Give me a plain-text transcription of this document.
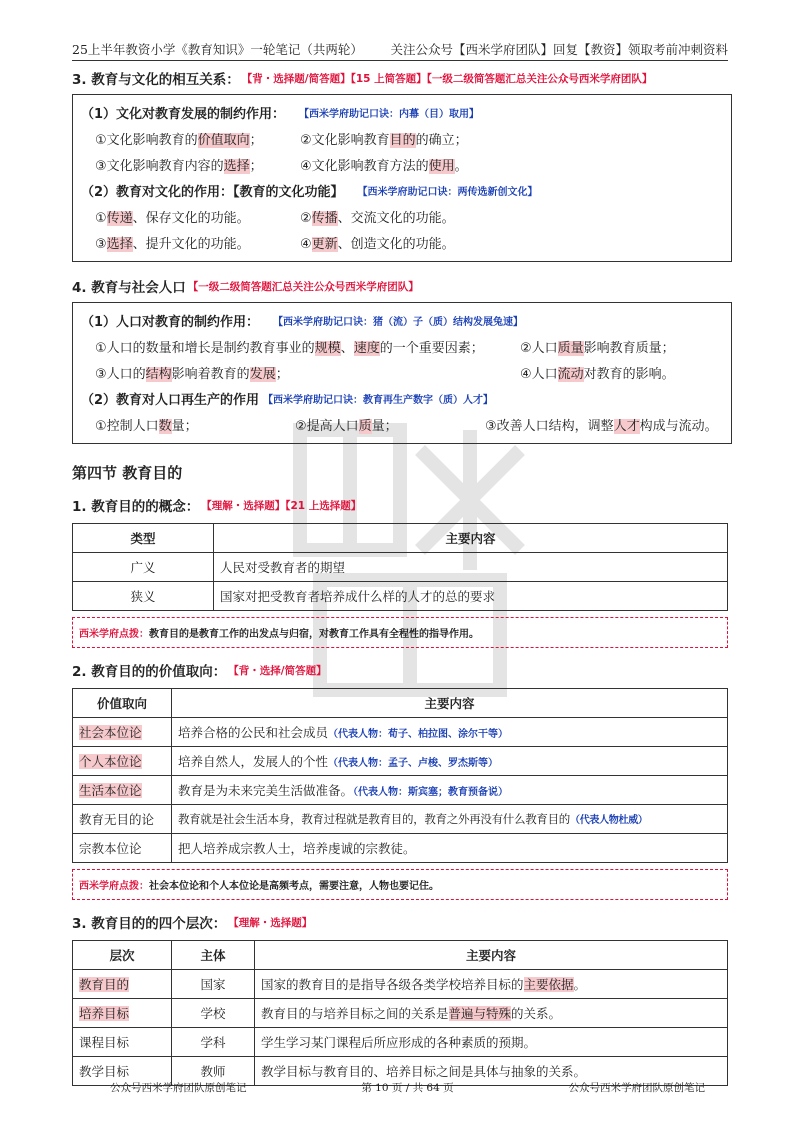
25上半年教资小学《教育知识》一轮笔记（共两轮） 关注公众号【西米学府团队】回复【教资】领取考前冲刺资料
3. 教育与文化的相互关系： 【背・选择题/简答题】【15 上简答题】【一级二级简答题汇总关注公众号西米学府团队】
（1）文化对教育发展的制约作用： 【西米学府助记口诀：内幕（目）取用】
①文化影响教育的价值取向；	②文化影响教育目的的确立；
③文化影响教育内容的选择；	④文化影响教育方法的使用。
（2）教育对文化的作用：【教育的文化功能】 【西米学府助记口诀：两传选新创文化】
①传递、保存文化的功能。	②传播、交流文化的功能。
③选择、提升文化的功能。	④更新、创造文化的功能。
4. 教育与社会人口 【一级二级简答题汇总关注公众号西米学府团队】
（1）人口对教育的制约作用： 【西米学府助记口诀：猪（流）子（质）结构发展兔速】
①人口的数量和增长是制约教育事业的规模、速度的一个重要因素；	②人口质量影响教育质量；
③人口的结构影响着教育的发展；	④人口流动对教育的影响。
（2）教育对人口再生产的作用 【西米学府助记口诀：教育再生产数字（质）人才】
①控制人口数量；	②提高人口质量；	③改善人口结构，调整人才构成与流动。
第四节 教育目的
1. 教育目的的概念： 【理解・选择题】【21 上选择题】
类型	主要内容
广义	人民对受教育者的期望
狭义	国家对把受教育者培养成什么样的人才的总的要求
西米学府点拨：教育目的是教育工作的出发点与归宿，对教育工作具有全程性的指导作用。
2. 教育目的的价值取向： 【背・选择/简答题】
价值取向	主要内容
社会本位论	培养合格的公民和社会成员（代表人物：荀子、柏拉图、涂尔干等）
个人本位论	培养自然人，发展人的个性（代表人物：孟子、卢梭、罗杰斯等）
生活本位论	教育是为未来完美生活做准备。（代表人物：斯宾塞；教育预备说）
教育无目的论	教育就是社会生活本身，教育过程就是教育目的，教育之外再没有什么教育目的（代表人物杜威）
宗教本位论	把人培养成宗教人士，培养虔诚的宗教徒。
西米学府点拨：社会本位论和个人本位论是高频考点，需要注意，人物也要记住。
3. 教育目的的四个层次： 【理解・选择题】
层次	主体	主要内容
教育目的	国家	国家的教育目的是指导各级各类学校培养目标的主要依据。
培养目标	学校	教育目的与培养目标之间的关系是普遍与特殊的关系。
课程目标	学科	学生学习某门课程后所应形成的各种素质的预期。
教学目标	教师	教学目标与教育目的、培养目标之间是具体与抽象的关系。
公众号西米学府团队原创笔记	第 10 页 / 共 64 页	公众号西米学府团队原创笔记
